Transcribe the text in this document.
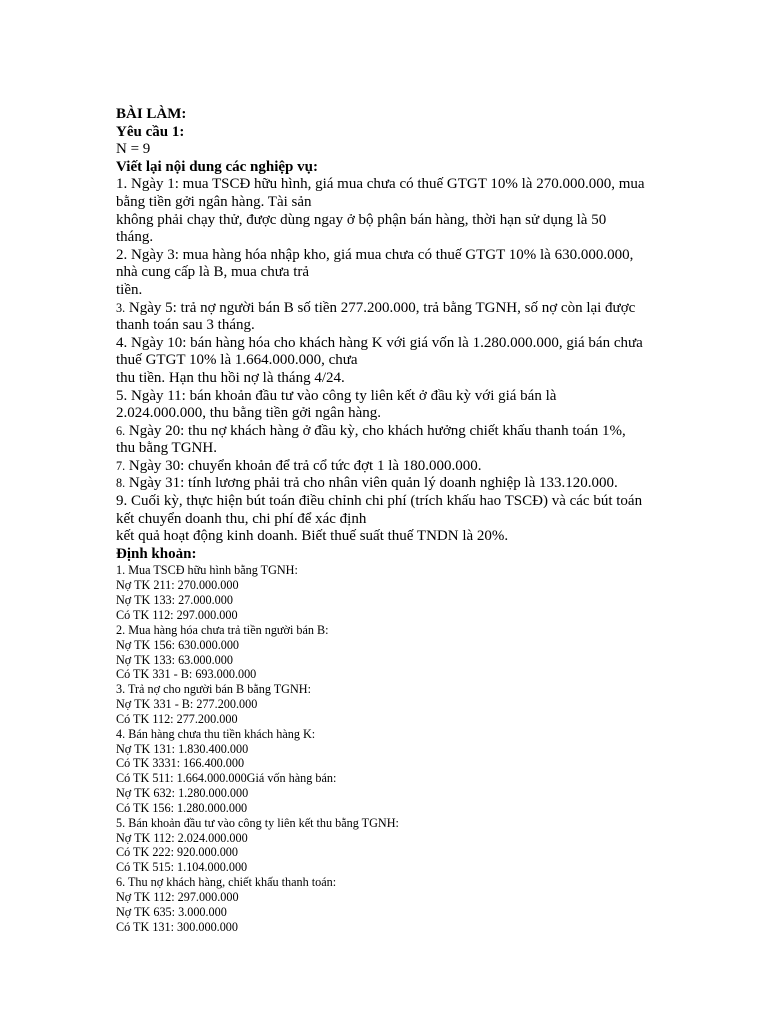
BÀI LÀM:
Yêu cầu 1:
N = 9
Viết lại nội dung các nghiệp vụ:
1. Ngày 1: mua TSCĐ hữu hình, giá mua chưa có thuế GTGT 10% là 270.000.000, mua
bằng tiền gởi ngân hàng. Tài sản
không phải chạy thử, được dùng ngay ở bộ phận bán hàng, thời hạn sử dụng là 50
tháng.
2. Ngày 3: mua hàng hóa nhập kho, giá mua chưa có thuế GTGT 10% là 630.000.000,
nhà cung cấp là B, mua chưa trả
tiền.
3. Ngày 5: trả nợ người bán B số tiền 277.200.000, trả bằng TGNH, số nợ còn lại được
thanh toán sau 3 tháng.
4. Ngày 10: bán hàng hóa cho khách hàng K với giá vốn là 1.280.000.000, giá bán chưa
thuế GTGT 10% là 1.664.000.000, chưa
thu tiền. Hạn thu hồi nợ là tháng 4/24.
5. Ngày 11: bán khoản đầu tư vào công ty liên kết ở đầu kỳ với giá bán là
2.024.000.000, thu bằng tiền gởi ngân hàng.
6. Ngày 20: thu nợ khách hàng ở đầu kỳ, cho khách hưởng chiết khấu thanh toán 1%,
thu bằng TGNH.
7. Ngày 30: chuyển khoản để trả cổ tức đợt 1 là 180.000.000.
8. Ngày 31: tính lương phải trả cho nhân viên quản lý doanh nghiệp là 133.120.000.
9. Cuối kỳ, thực hiện bút toán điều chỉnh chi phí (trích khấu hao TSCĐ) và các bút toán
kết chuyển doanh thu, chi phí để xác định
kết quả hoạt động kinh doanh. Biết thuế suất thuế TNDN là 20%.
Định khoản:
1. Mua TSCĐ hữu hình bằng TGNH:
Nợ TK 211: 270.000.000
Nợ TK 133: 27.000.000
Có TK 112: 297.000.000
2. Mua hàng hóa chưa trả tiền người bán B:
Nợ TK 156: 630.000.000
Nợ TK 133: 63.000.000
Có TK 331 - B: 693.000.000
3. Trả nợ cho người bán B bằng TGNH:
Nợ TK 331 - B: 277.200.000
Có TK 112: 277.200.000
4. Bán hàng chưa thu tiền khách hàng K:
Nợ TK 131: 1.830.400.000
Có TK 3331: 166.400.000
Có TK 511: 1.664.000.000Giá vốn hàng bán:
Nợ TK 632: 1.280.000.000
Có TK 156: 1.280.000.000
5. Bán khoản đầu tư vào công ty liên kết thu bằng TGNH:
Nợ TK 112: 2.024.000.000
Có TK 222: 920.000.000
Có TK 515: 1.104.000.000
6. Thu nợ khách hàng, chiết khấu thanh toán:
Nợ TK 112: 297.000.000
Nợ TK 635: 3.000.000
Có TK 131: 300.000.000
